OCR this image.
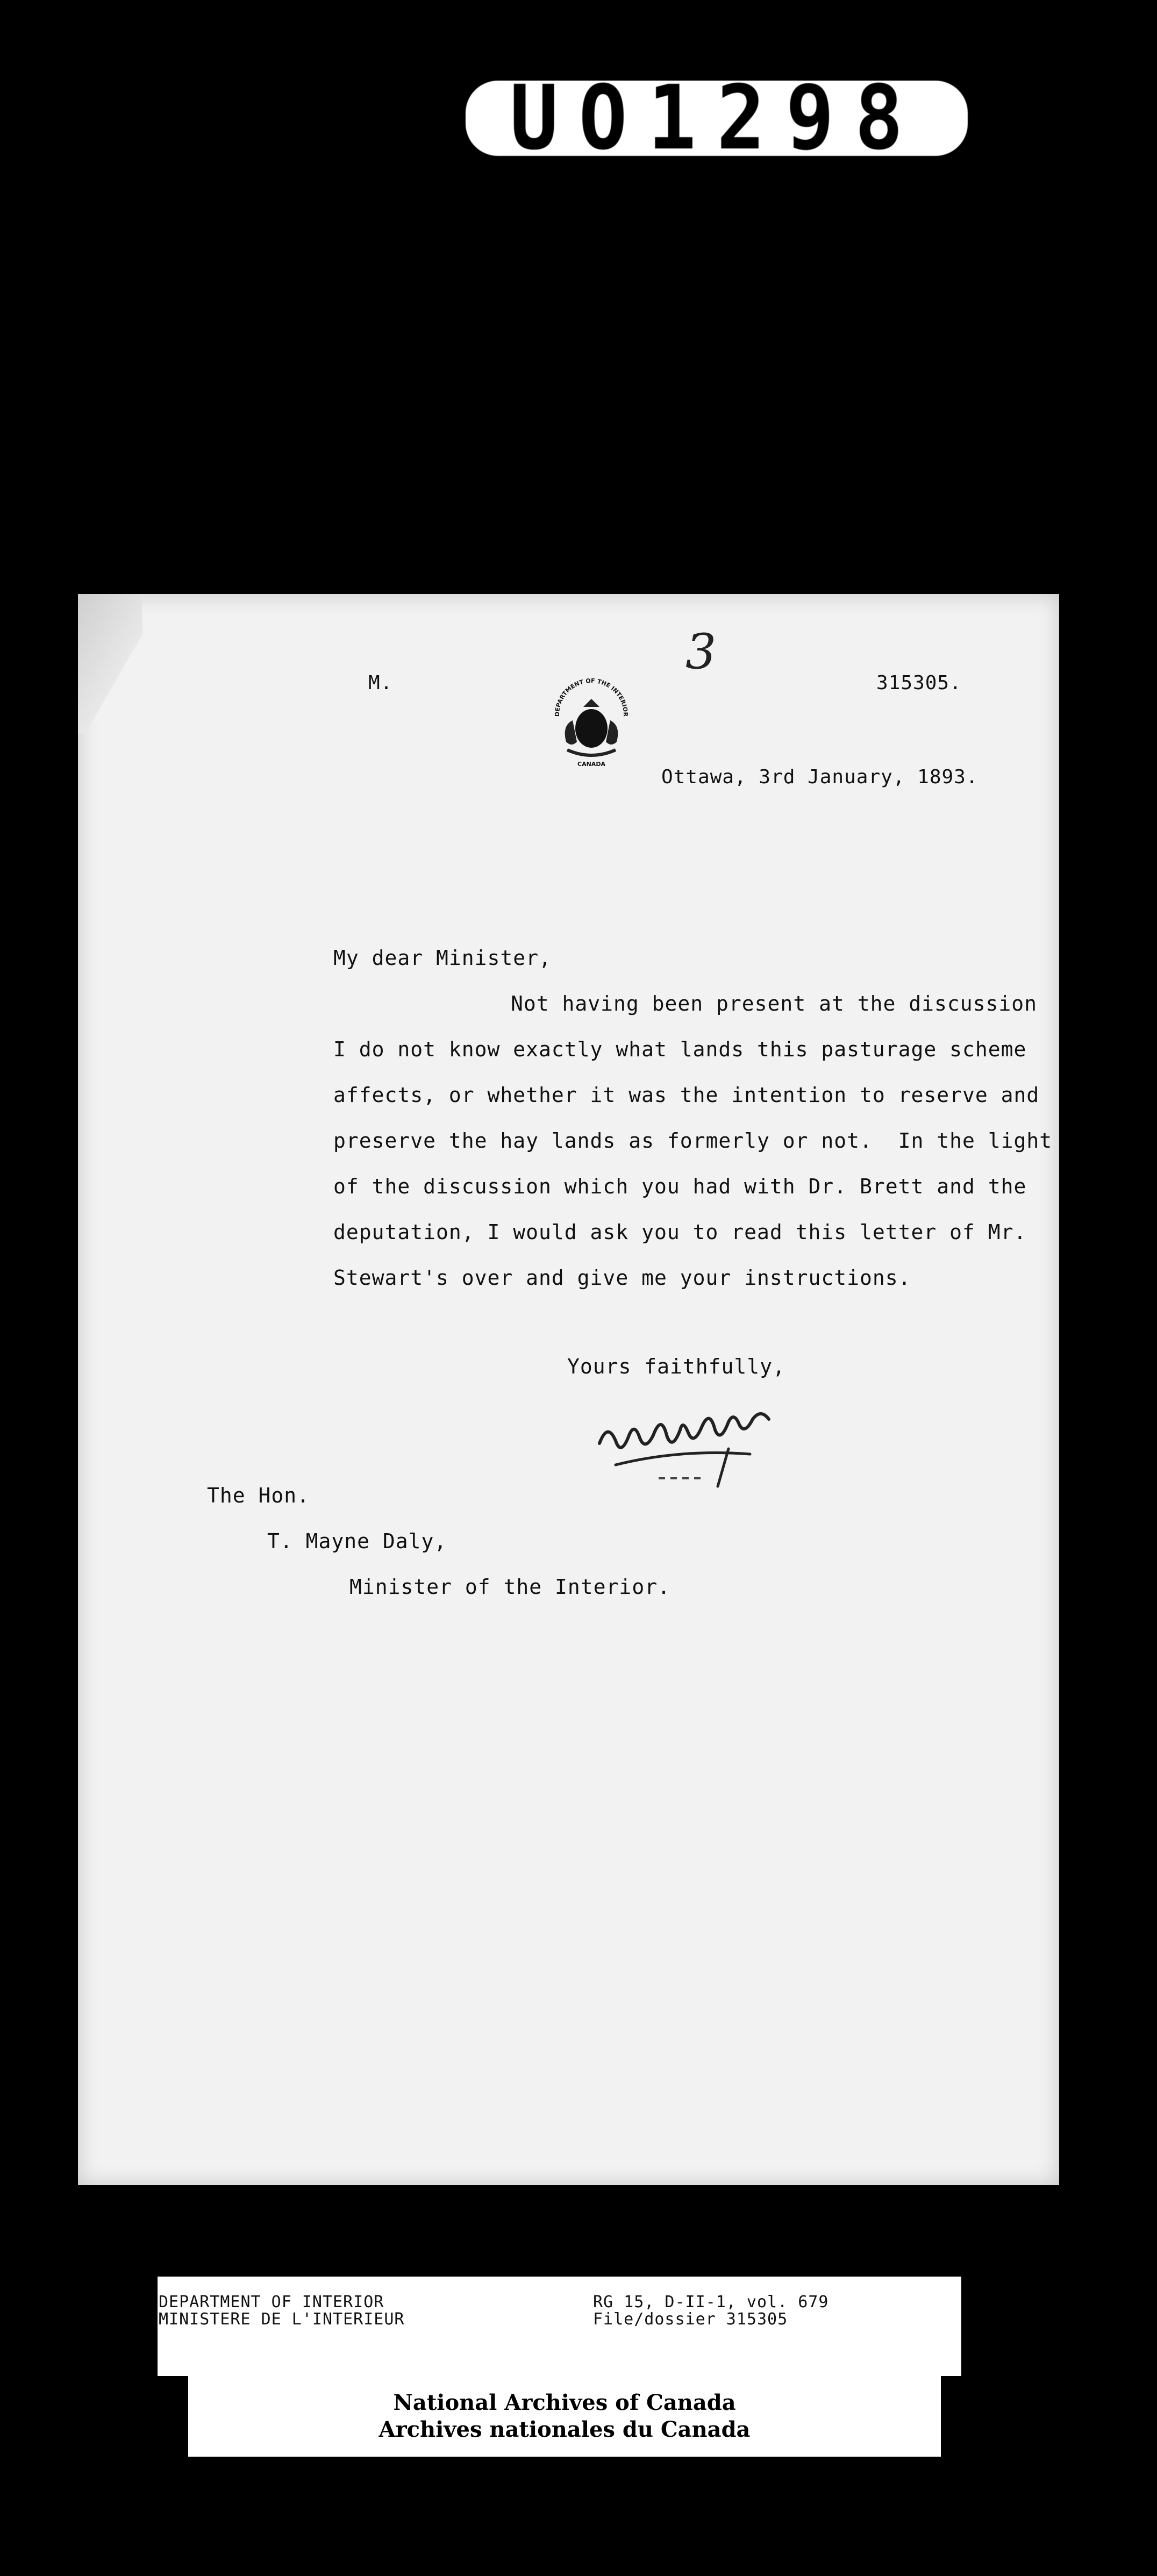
UO1298
M.
3
315305.
DEPARTMENT OF THE INTERIOR
CANADA
Ottawa, 3rd January, 1893.
My dear Minister,
Not having been present at the discussion
I do not know exactly what lands this pasturage scheme
affects, or whether it was the intention to reserve and
preserve the hay lands as formerly or not.  In the light
of the discussion which you had with Dr. Brett and the
deputation, I would ask you to read this letter of Mr.
Stewart's over and give me your instructions.
Yours faithfully,
The Hon.
T. Mayne Daly,
Minister of the Interior.
DEPARTMENT OF INTERIOR
MINISTERE DE L'INTERIEUR
RG 15, D-II-1, vol. 679
File/dossier 315305
National Archives of Canada
Archives nationales du Canada
